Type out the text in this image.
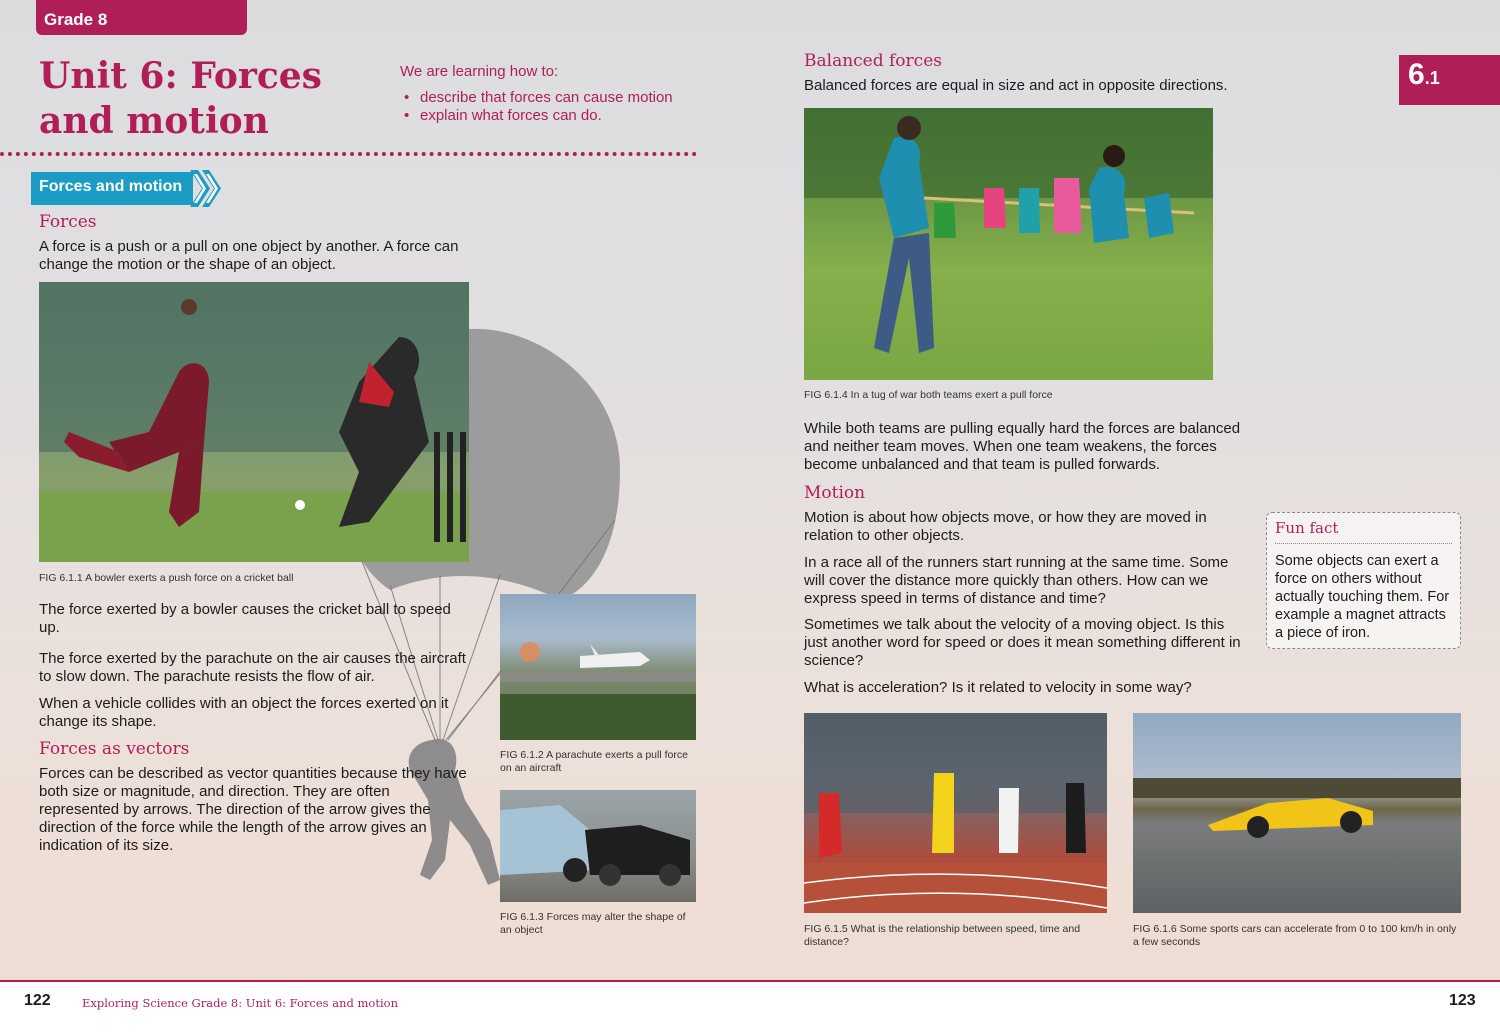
Grade 8
Unit 6: Forces
and motion
We are learning how to:
• describe that forces can cause motion
• explain what forces can do.
6.1
Forces and motion
Forces
A force is a push or a pull on one object by another. A force can change the motion or the shape of an object.
FIG 6.1.1 A bowler exerts a push force on a cricket ball
The force exerted by a bowler causes the cricket ball to speed up.
The force exerted by the parachute on the air causes the aircraft to slow down. The parachute resists the flow of air.
When a vehicle collides with an object the forces exerted on it change its shape.
Forces as vectors
Forces can be described as vector quantities because they have both size or magnitude, and direction. They are often represented by arrows. The direction of the arrow gives the direction of the force while the length of the arrow gives an indication of its size.
FIG 6.1.2 A parachute exerts a pull force on an aircraft
FIG 6.1.3 Forces may alter the shape of an object
Balanced forces
Balanced forces are equal in size and act in opposite directions.
FIG 6.1.4 In a tug of war both teams exert a pull force
While both teams are pulling equally hard the forces are balanced and neither team moves. When one team weakens, the forces become unbalanced and that team is pulled forwards.
Motion
Motion is about how objects move, or how they are moved in relation to other objects.
In a race all of the runners start running at the same time. Some will cover the distance more quickly than others. How can we express speed in terms of distance and time?
Sometimes we talk about the velocity of a moving object. Is this just another word for speed or does it mean something different in science?
What is acceleration? Is it related to velocity in some way?
Fun fact
Some objects can exert a force on others without actually touching them. For example a magnet attracts a piece of iron.
FIG 6.1.5 What is the relationship between speed, time and distance?
FIG 6.1.6 Some sports cars can accelerate from 0 to 100 km/h in only a few seconds
122	Exploring Science Grade 8: Unit 6: Forces and motion	123
